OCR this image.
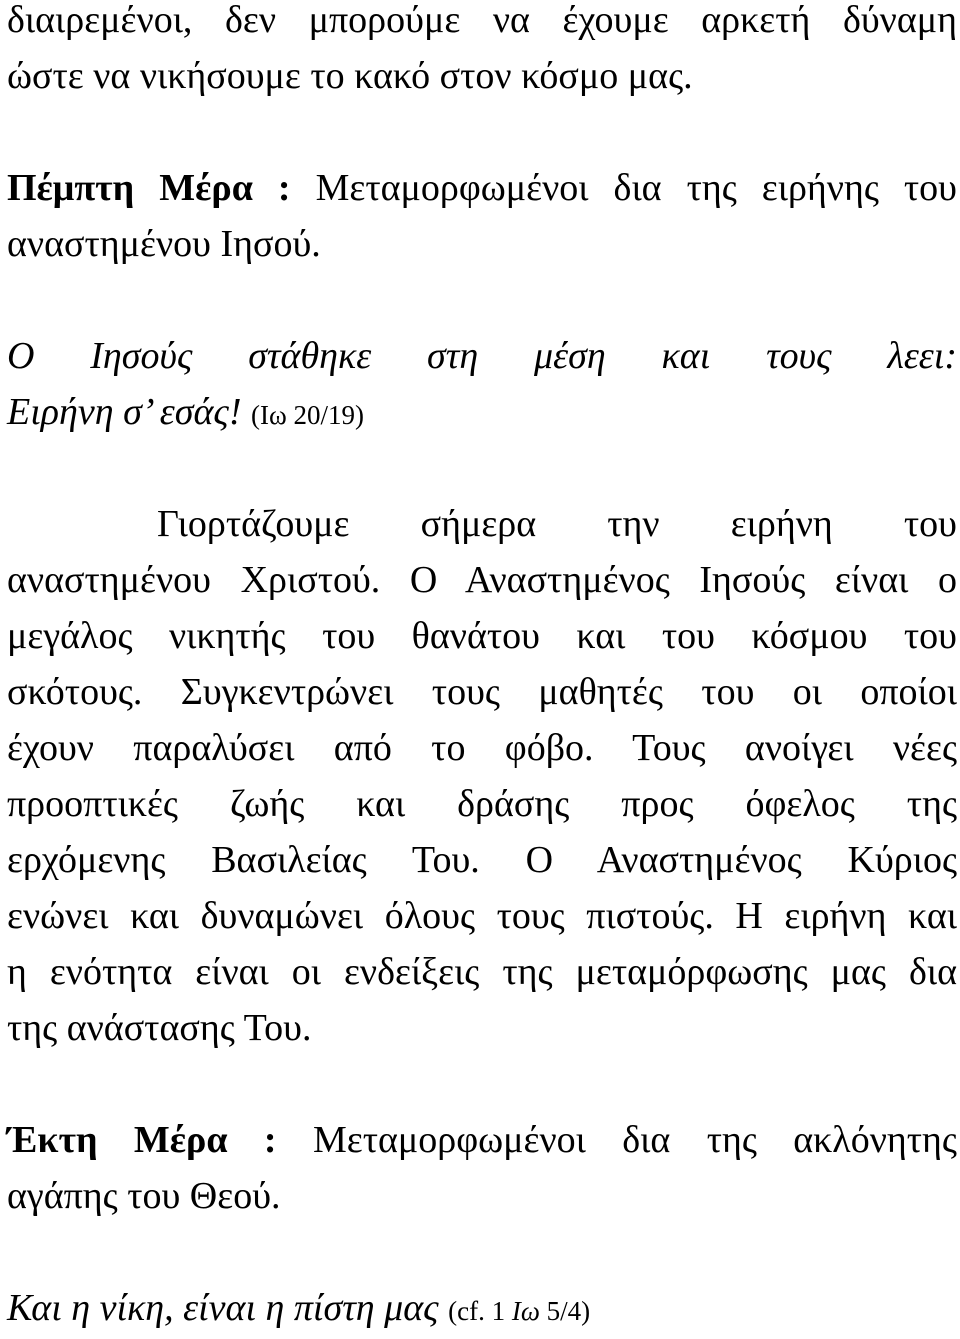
διαιρεμένοι, δεν μπορούμε να έχουμε αρκετή δύναμη
ώστε να νικήσουμε το κακό στον κόσμο μας.
Πέμπτη Μέρα : Μεταμορφωμένοι δια της ειρήνης του
αναστημένου Ιησού.
Ο Ιησούς στάθηκε στη μέση και τους λεει:
Ειρήνη σ’ εσάς! (Ιω 20/19)
Γιορτάζουμε σήμερα την ειρήνη του
αναστημένου Χριστού. Ο Αναστημένος Ιησούς είναι ο
μεγάλος νικητής του θανάτου και του κόσμου του
σκότους. Συγκεντρώνει τους μαθητές του οι οποίοι
έχουν παραλύσει από το φόβο. Τους ανοίγει νέες
προοπτικές ζωής και δράσης προς όφελος της
ερχόμενης Βασιλείας Του. Ο Αναστημένος Κύριος
ενώνει και δυναμώνει όλους τους πιστούς. Η ειρήνη και
η ενότητα είναι οι ενδείξεις της μεταμόρφωσης μας δια
της ανάστασης Του.
Έκτη Μέρα : Μεταμορφωμένοι δια της ακλόνητης
αγάπης του Θεού.
Και η νίκη, είναι η πίστη μας (cf. 1 Ιω 5/4)
